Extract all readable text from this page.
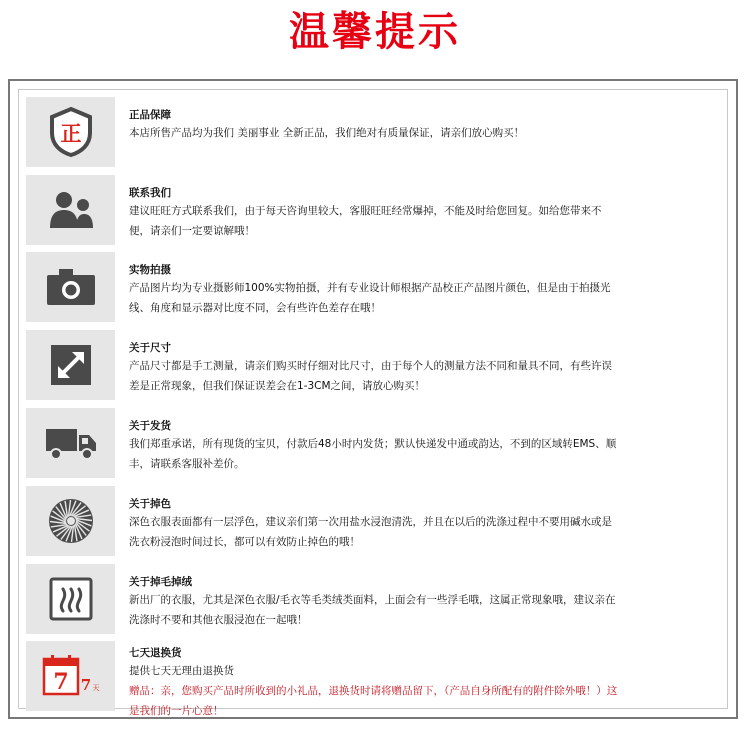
温馨提示
正
正品保障
本店所售产品均为我们 美丽事业 全新正品，我们绝对有质量保证，请亲们放心购买！
联系我们
建议旺旺方式联系我们，由于每天咨询里较大，客服旺旺经常爆掉，不能及时给您回复。如给您带来不
便，请亲们一定要谅解哦！
实物拍摄
产品图片均为专业摄影师100%实物拍摄，并有专业设计师根据产品校正产品图片颜色，但是由于拍摄光
线、角度和显示器对比度不同，会有些许色差存在哦！
关于尺寸
产品尺寸都是手工测量，请亲们购买时仔细对比尺寸，由于每个人的测量方法不同和量具不同，有些许误
差是正常现象，但我们保证误差会在1-3CM之间，请放心购买！
关于发货
我们郑重承诺，所有现货的宝贝，付款后48小时内发货；默认快递发中通或韵达，不到的区域转EMS、顺
丰，请联系客服补差价。
关于掉色
深色衣服表面都有一层浮色，建议亲们第一次用盐水浸泡清洗，并且在以后的洗涤过程中不要用碱水或是
洗衣粉浸泡时间过长，都可以有效防止掉色的哦！
关于掉毛掉绒
新出厂的衣服，尤其是深色衣服/毛衣等毛类绒类面料，上面会有一些浮毛哦，这属正常现象哦，建议亲在
洗涤时不要和其他衣服浸泡在一起哦！
7 7 天
七天退换货
提供七天无理由退换货
赠品：亲，您购买产品时所收到的小礼品，退换货时请将赠品留下，（产品自身所配有的附件除外哦！）这
是我们的一片心意！
